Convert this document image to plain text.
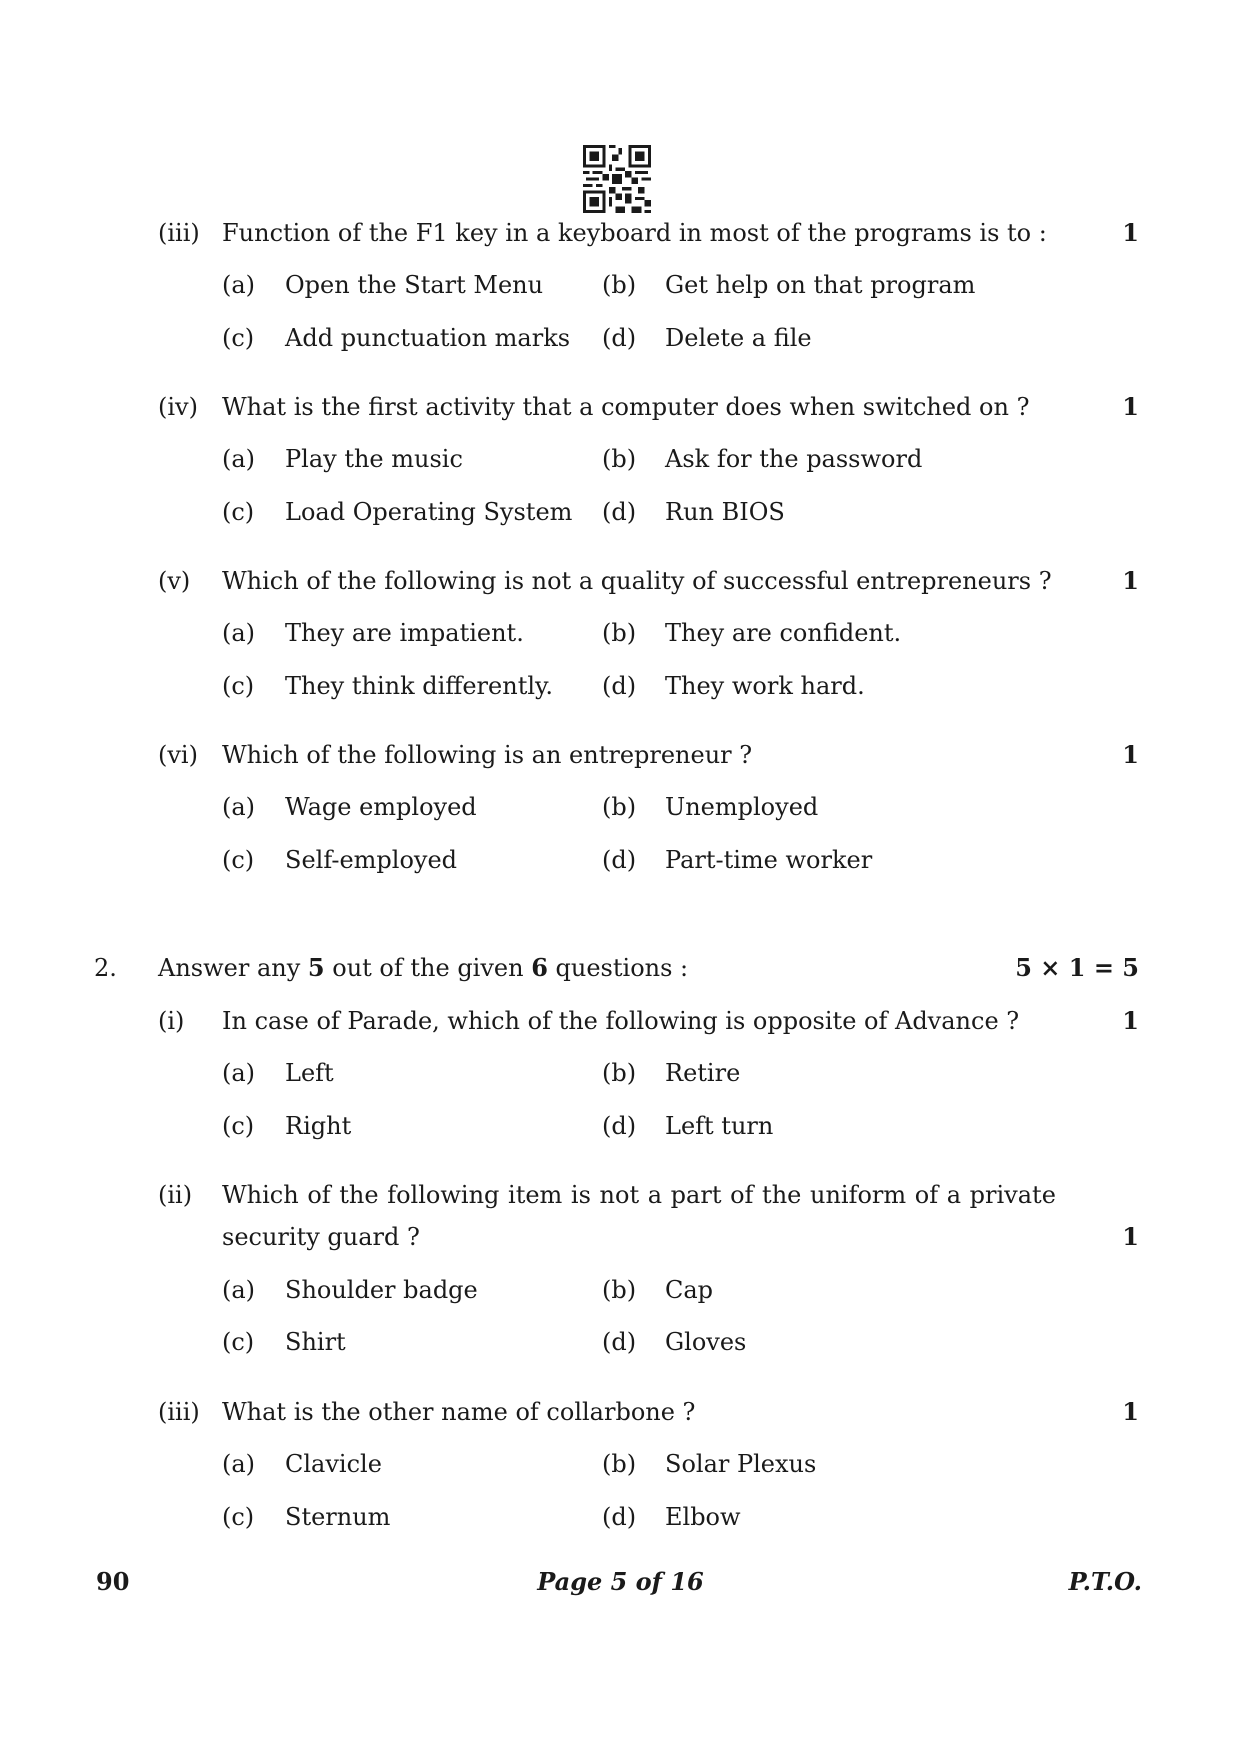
(iii) Function of the F1 key in a keyboard in most of the programs is to :	1
(a) Open the Start Menu (b) Get help on that program
(c) Add punctuation marks (d) Delete a file
(iv) What is the first activity that a computer does when switched on ?	1
(a) Play the music	(b) Ask for the password
(c) Load Operating System (d) Run BIOS
(v) Which of the following is not a quality of successful entrepreneurs ?	1
(a) They are impatient.	(b) They are confident.
(c) They think differently. (d) They work hard.
(vi) Which of the following is an entrepreneur ?	1
(a) Wage employed	(b) Unemployed
(c) Self-employed	(d) Part-time worker
2. Answer any 5 out of the given 6 questions :	5 × 1 = 5
(i) In case of Parade, which of the following is opposite of Advance ?	1
(a) Left	(b) Retire
(c) Right	(d) Left turn
(ii) Which of the following item is not a part of the uniform of a private
security guard ?	1
(a) Shoulder badge	(b) Cap
(c) Shirt	(d) Gloves
(iii) What is the other name of collarbone ?	1
(a) Clavicle	(b) Solar Plexus
(c) Sternum	(d) Elbow
90	Page 5 of 16	P.T.O.
